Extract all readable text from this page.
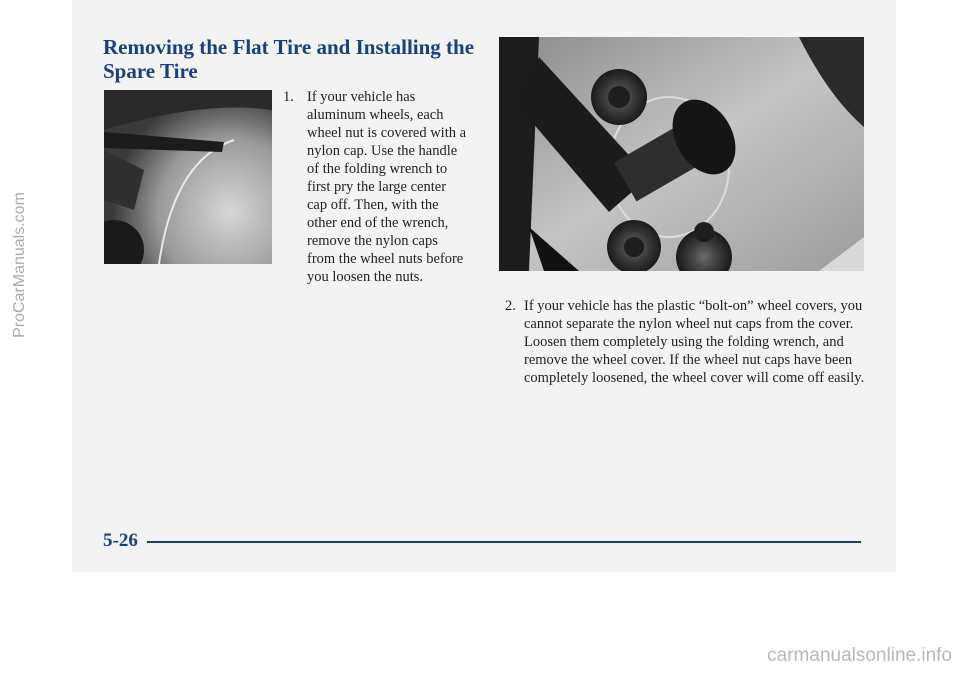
Removing the Flat Tire and Installing the Spare Tire

1. If your vehicle has aluminum wheels, each wheel nut is covered with a nylon cap. Use the handle of the folding wrench to first pry the large center cap off. Then, with the other end of the wrench, remove the nylon caps from the wheel nuts before you loosen the nuts.

2. If your vehicle has the plastic “bolt-on” wheel covers, you cannot separate the nylon wheel nut caps from the cover. Loosen them completely using the folding wrench, and remove the wheel cover. If the wheel nut caps have been completely loosened, the wheel cover will come off easily.

5-26
ProCarManuals.com
carmanualsonline.info
